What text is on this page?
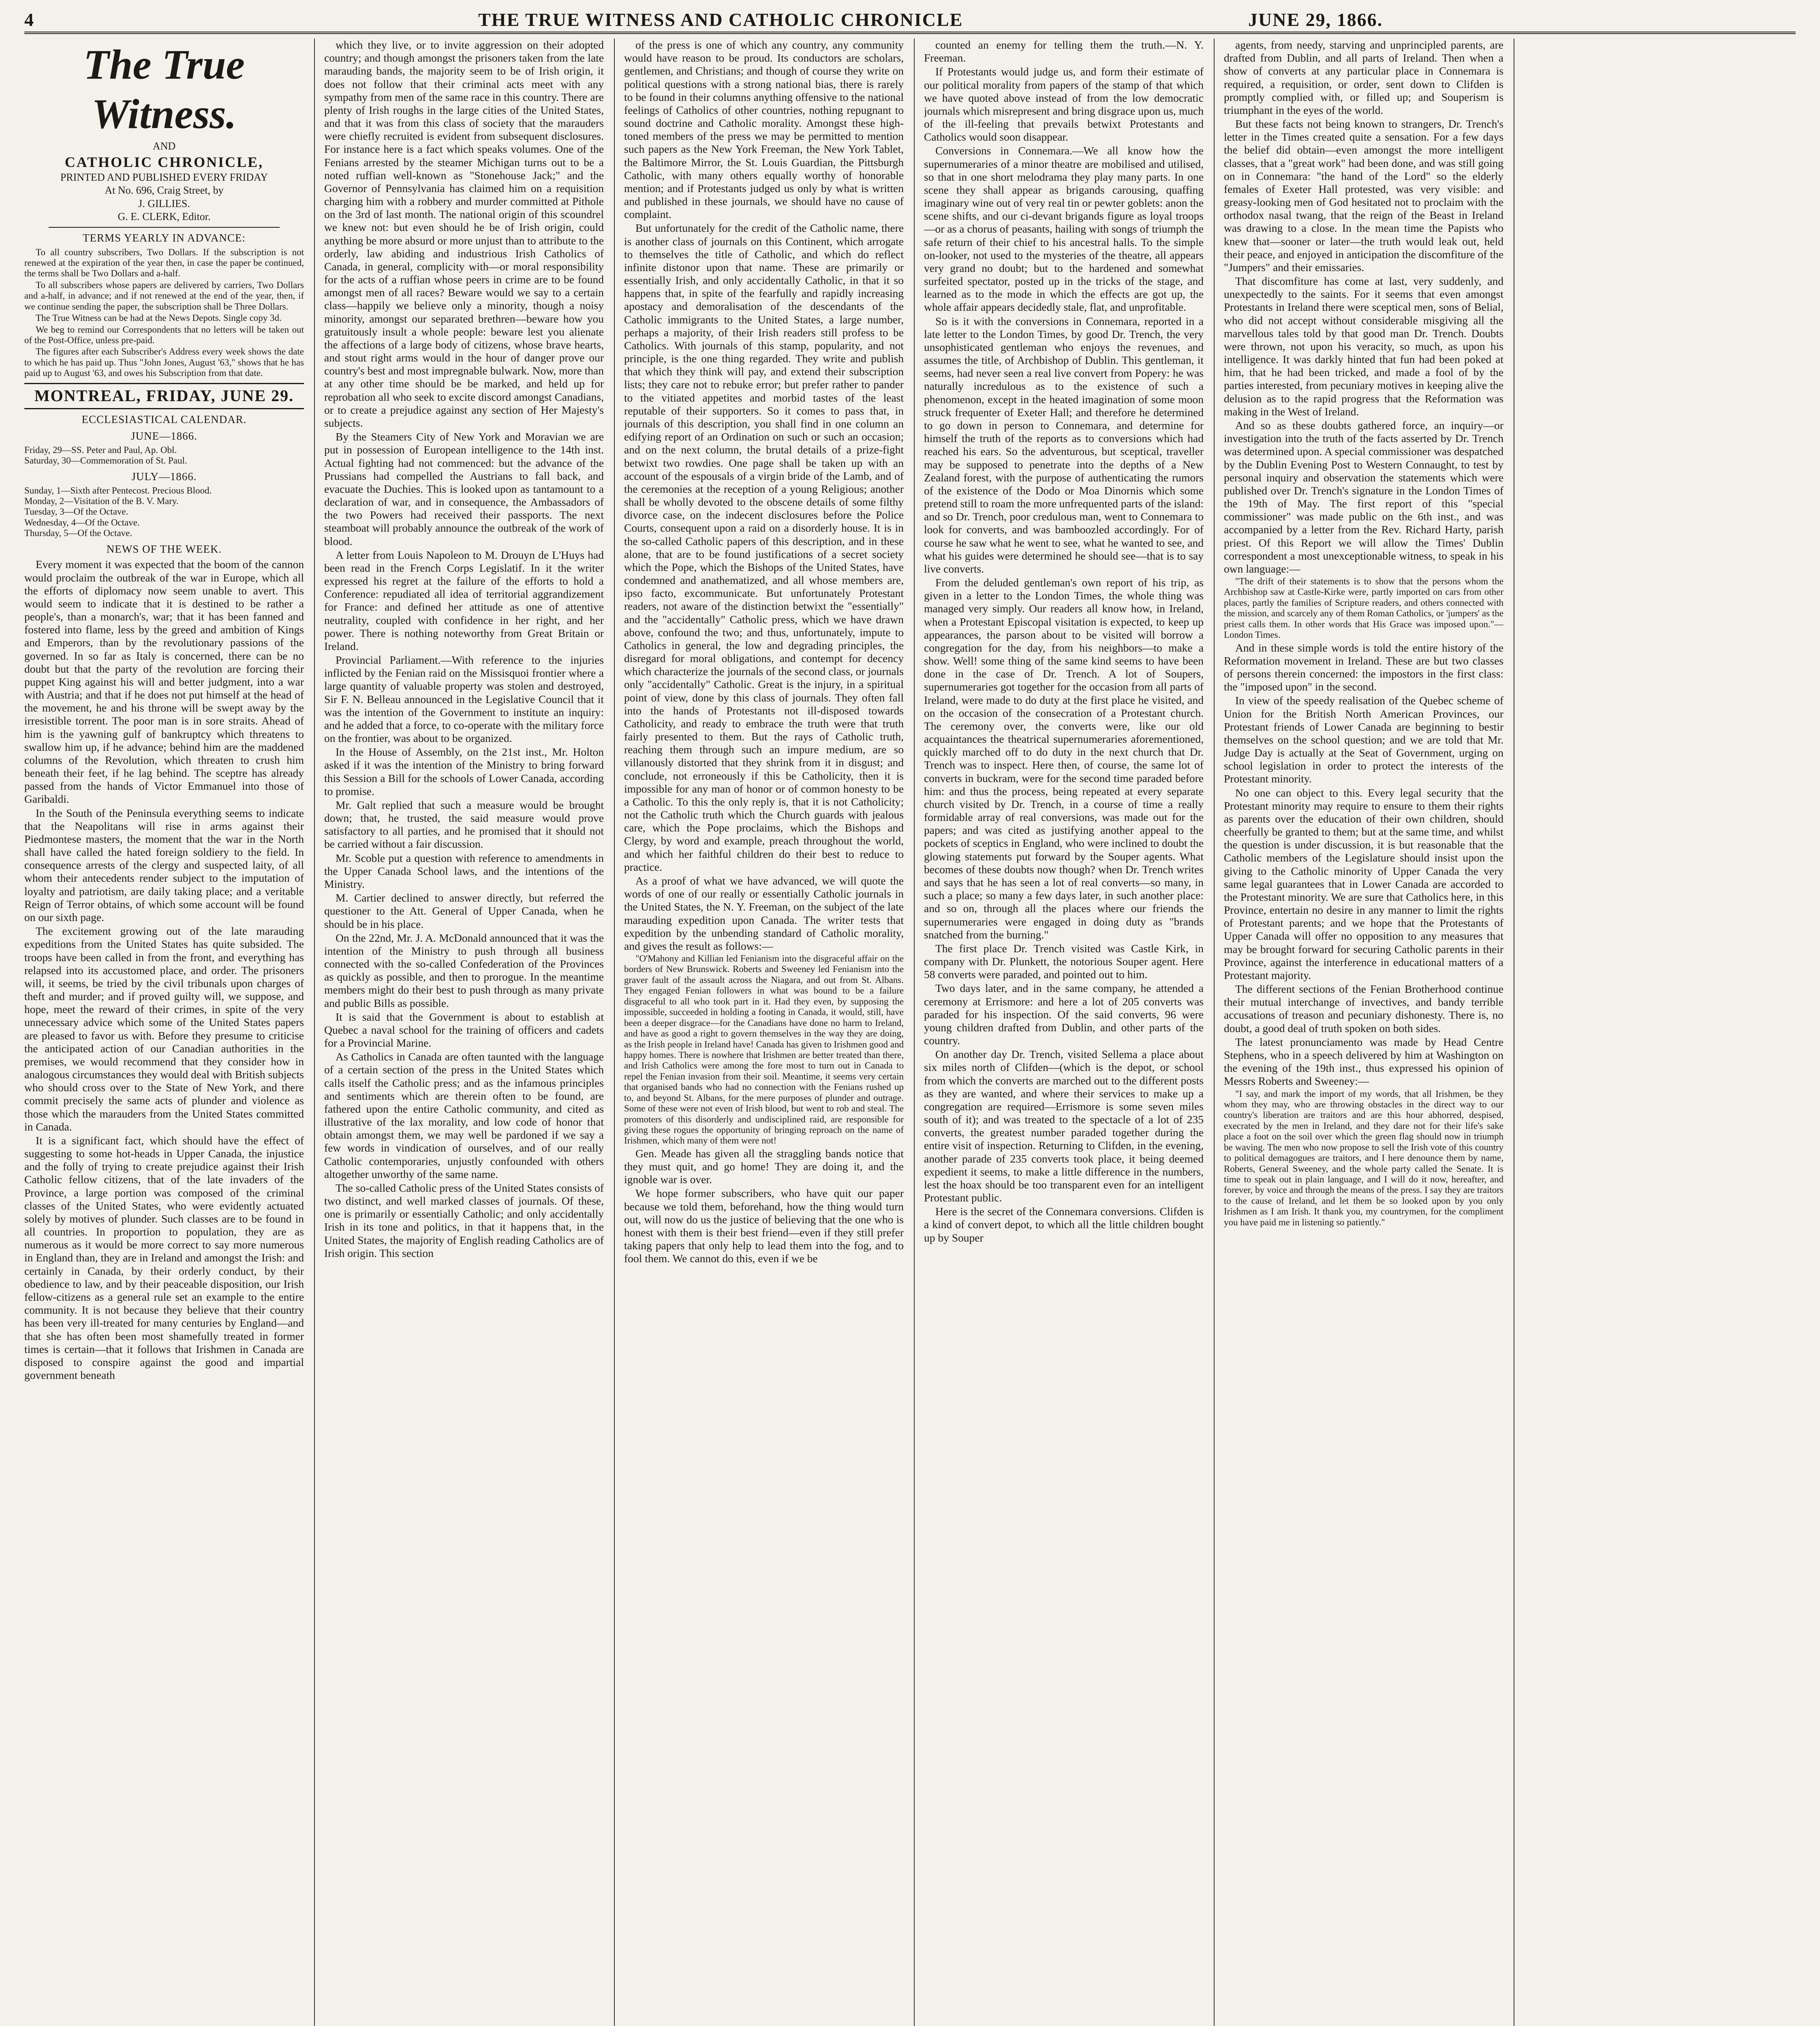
4	THE TRUE WITNESS AND CATHOLIC CHRONICLE	JUNE 29, 1866.
The True Witness.
AND
CATHOLIC CHRONICLE,
PRINTED AND PUBLISHED EVERY FRIDAY
At No. 696, Craig Street, by
J. GILLIES.
G. E. CLERK, Editor.

TERMS YEARLY IN ADVANCE:

To all country subscribers, Two Dollars. If the subscription is not renewed at the expiration of the year then, in case the paper be continued, the terms shall be Two Dollars and a-half.

To all subscribers whose papers are delivered by carriers, Two Dollars and a-half, in advance; and if not renewed at the end of the year, then, if we continue sending the paper, the subscription shall be Three Dollars.

The True Witness can be had at the News Depots. Single copy 3d.

We beg to remind our Correspondents that no letters will be taken out of the Post-Office, unless pre-paid.

The figures after each Subscriber's Address every week shows the date to which he has paid up. Thus "John Jones, August '63," shows that he has paid up to August '63, and owes his Subscription from that date.

MONTREAL, FRIDAY, JUNE 29.

ECCLESIASTICAL CALENDAR.

JUNE—1866.

Friday, 29—SS. Peter and Paul, Ap. Obl.

Saturday, 30—Commemoration of St. Paul.

JULY—1866.

Sunday, 1—Sixth after Pentecost. Precious Blood.

Monday, 2—Visitation of the B. V. Mary.

Tuesday, 3—Of the Octave.

Wednesday, 4—Of the Octave.

Thursday, 5—Of the Octave.

NEWS OF THE WEEK.

Every moment it was expected that the boom of the cannon would proclaim the outbreak of the war in Europe, which all the efforts of diplomacy now seem unable to avert. This would seem to indicate that it is destined to be rather a people's, than a monarch's, war; that it has been fanned and fostered into flame, less by the greed and ambition of Kings and Emperors, than by the revolutionary passions of the governed. In so far as Italy is concerned, there can be no doubt but that the party of the revolution are forcing their puppet King against his will and better judgment, into a war with Austria; and that if he does not put himself at the head of the movement, he and his throne will be swept away by the irresistible torrent. The poor man is in sore straits. Ahead of him is the yawning gulf of bankruptcy which threatens to swallow him up, if he advance; behind him are the maddened columns of the Revolution, which threaten to crush him beneath their feet, if he lag behind. The sceptre has already passed from the hands of Victor Emmanuel into those of Garibaldi.

In the South of the Peninsula everything seems to indicate that the Neapolitans will rise in arms against their Piedmontese masters, the moment that the war in the North shall have called the hated foreign soldiery to the field. In consequence arrests of the clergy and suspected laity, of all whom their antecedents render subject to the imputation of loyalty and patriotism, are daily taking place; and a veritable Reign of Terror obtains, of which some account will be found on our sixth page.

The excitement growing out of the late marauding expeditions from the United States has quite subsided. The troops have been called in from the front, and everything has relapsed into its accustomed place, and order. The prisoners will, it seems, be tried by the civil tribunals upon charges of theft and murder; and if proved guilty will, we suppose, and hope, meet the reward of their crimes, in spite of the very unnecessary advice which some of the United States papers are pleased to favor us with. Before they presume to criticise the anticipated action of our Canadian authorities in the premises, we would recommend that they consider how in analogous circumstances they would deal with British subjects who should cross over to the State of New York, and there commit precisely the same acts of plunder and violence as those which the marauders from the United States committed in Canada.

It is a significant fact, which should have the effect of suggesting to some hot-heads in Upper Canada, the injustice and the folly of trying to create prejudice against their Irish Catholic fellow citizens, that of the late invaders of the Province, a large portion was composed of the criminal classes of the United States, who were evidently actuated solely by motives of plunder. Such classes are to be found in all countries. In proportion to population, they are as numerous as it would be more correct to say more numerous in England than, they are in Ireland and amongst the Irish: and certainly in Canada, by their orderly conduct, by their obedience to law, and by their peaceable disposition, our Irish fellow-citizens as a general rule set an example to the entire community. It is not because they believe that their country has been very ill-treated for many centuries by England—and that she has often been most shamefully treated in former times is certain—that it follows that Irishmen in Canada are disposed to conspire against the good and impartial government beneath

which they live, or to invite aggression on their adopted country; and though amongst the prisoners taken from the late marauding bands, the majority seem to be of Irish origin, it does not follow that their criminal acts meet with any sympathy from men of the same race in this country. There are plenty of Irish roughs in the large cities of the United States, and that it was from this class of society that the marauders were chiefly recruited is evident from subsequent disclosures. For instance here is a fact which speaks volumes. One of the Fenians arrested by the steamer Michigan turns out to be a noted ruffian well-known as "Stonehouse Jack;" and the Governor of Pennsylvania has claimed him on a requisition charging him with a robbery and murder committed at Pithole on the 3rd of last month. The national origin of this scoundrel we knew not: but even should he be of Irish origin, could anything be more absurd or more unjust than to attribute to the orderly, law abiding and industrious Irish Catholics of Canada, in general, complicity with—or moral responsibility for the acts of a ruffian whose peers in crime are to be found amongst men of all races? Beware would we say to a certain class—happily we believe only a minority, though a noisy minority, amongst our separated brethren—beware how you gratuitously insult a whole people: beware lest you alienate the affections of a large body of citizens, whose brave hearts, and stout right arms would in the hour of danger prove our country's best and most impregnable bulwark. Now, more than at any other time should be be marked, and held up for reprobation all who seek to excite discord amongst Canadians, or to create a prejudice against any section of Her Majesty's subjects.

By the Steamers City of New York and Moravian we are put in possession of European intelligence to the 14th inst. Actual fighting had not commenced: but the advance of the Prussians had compelled the Austrians to fall back, and evacuate the Duchies. This is looked upon as tantamount to a declaration of war, and in consequence, the Ambassadors of the two Powers had received their passports. The next steamboat will probably announce the outbreak of the work of blood.

A letter from Louis Napoleon to M. Drouyn de L'Huys had been read in the French Corps Legislatif. In it the writer expressed his regret at the failure of the efforts to hold a Conference: repudiated all idea of territorial aggrandizement for France: and defined her attitude as one of attentive neutrality, coupled with confidence in her right, and her power. There is nothing noteworthy from Great Britain or Ireland.

Provincial Parliament.—With reference to the injuries inflicted by the Fenian raid on the Missisquoi frontier where a large quantity of valuable property was stolen and destroyed, Sir F. N. Belleau announced in the Legislative Council that it was the intention of the Government to institute an inquiry: and he added that a force, to co-operate with the military force on the frontier, was about to be organized.

In the House of Assembly, on the 21st inst., Mr. Holton asked if it was the intention of the Ministry to bring forward this Session a Bill for the schools of Lower Canada, according to promise.

Mr. Galt replied that such a measure would be brought down; that, he trusted, the said measure would prove satisfactory to all parties, and he promised that it should not be carried without a fair discussion.

Mr. Scoble put a question with reference to amendments in the Upper Canada School laws, and the intentions of the Ministry.

M. Cartier declined to answer directly, but referred the questioner to the Att. General of Upper Canada, when he should be in his place.

On the 22nd, Mr. J. A. McDonald announced that it was the intention of the Ministry to push through all business connected with the so-called Confederation of the Provinces as quickly as possible, and then to prorogue. In the meantime members might do their best to push through as many private and public Bills as possible.

It is said that the Government is about to establish at Quebec a naval school for the training of officers and cadets for a Provincial Marine.

As Catholics in Canada are often taunted with the language of a certain section of the press in the United States which calls itself the Catholic press; and as the infamous principles and sentiments which are therein often to be found, are fathered upon the entire Catholic community, and cited as illustrative of the lax morality, and low code of honor that obtain amongst them, we may well be pardoned if we say a few words in vindication of ourselves, and of our really Catholic contemporaries, unjustly confounded with others altogether unworthy of the same name.

The so-called Catholic press of the United States consists of two distinct, and well marked classes of journals. Of these, one is primarily or essentially Catholic; and only accidentally Irish in its tone and politics, in that it happens that, in the United States, the majority of English reading Catholics are of Irish origin. This section

of the press is one of which any country, any community would have reason to be proud. Its conductors are scholars, gentlemen, and Christians; and though of course they write on political questions with a strong national bias, there is rarely to be found in their columns anything offensive to the national feelings of Catholics of other countries, nothing repugnant to sound doctrine and Catholic morality. Amongst these high-toned members of the press we may be permitted to mention such papers as the New York Freeman, the New York Tablet, the Baltimore Mirror, the St. Louis Guardian, the Pittsburgh Catholic, with many others equally worthy of honorable mention; and if Protestants judged us only by what is written and published in these journals, we should have no cause of complaint.

But unfortunately for the credit of the Catholic name, there is another class of journals on this Continent, which arrogate to themselves the title of Catholic, and which do reflect infinite distonor upon that name. These are primarily or essentially Irish, and only accidentally Catholic, in that it so happens that, in spite of the fearfully and rapidly increasing apostacy and demoralisation of the descendants of the Catholic immigrants to the United States, a large number, perhaps a majority, of their Irish readers still profess to be Catholics. With journals of this stamp, popularity, and not principle, is the one thing regarded. They write and publish that which they think will pay, and extend their subscription lists; they care not to rebuke error; but prefer rather to pander to the vitiated appetites and morbid tastes of the least reputable of their supporters. So it comes to pass that, in journals of this description, you shall find in one column an edifying report of an Ordination on such or such an occasion; and on the next column, the brutal details of a prize-fight betwixt two rowdies. One page shall be taken up with an account of the espousals of a virgin bride of the Lamb, and of the ceremonies at the reception of a young Religious; another shall be wholly devoted to the obscene details of some filthy divorce case, on the indecent disclosures before the Police Courts, consequent upon a raid on a disorderly house. It is in the so-called Catholic papers of this description, and in these alone, that are to be found justifications of a secret society which the Pope, which the Bishops of the United States, have condemned and anathematized, and all whose members are, ipso facto, excommunicate. But unfortunately Protestant readers, not aware of the distinction betwixt the "essentially" and the "accidentally" Catholic press, which we have drawn above, confound the two; and thus, unfortunately, impute to Catholics in general, the low and degrading principles, the disregard for moral obligations, and contempt for decency which characterize the journals of the second class, or journals only "accidentally" Catholic. Great is the injury, in a spiritual point of view, done by this class of journals. They often fall into the hands of Protestants not ill-disposed towards Catholicity, and ready to embrace the truth were that truth fairly presented to them. But the rays of Catholic truth, reaching them through such an impure medium, are so villanously distorted that they shrink from it in disgust; and conclude, not erroneously if this be Catholicity, then it is impossible for any man of honor or of common honesty to be a Catholic. To this the only reply is, that it is not Catholicity; not the Catholic truth which the Church guards with jealous care, which the Pope proclaims, which the Bishops and Clergy, by word and example, preach throughout the world, and which her faithful children do their best to reduce to practice.

As a proof of what we have advanced, we will quote the words of one of our really or essentially Catholic journals in the United States, the N. Y. Freeman, on the subject of the late marauding expedition upon Canada. The writer tests that expedition by the unbending standard of Catholic morality, and gives the result as follows:—

"O'Mahony and Killian led Fenianism into the disgraceful affair on the borders of New Brunswick. Roberts and Sweeney led Fenianism into the graver fault of the assault across the Niagara, and out from St. Albans. They engaged Fenian followers in what was bound to be a failure disgraceful to all who took part in it. Had they even, by supposing the impossible, succeeded in holding a footing in Canada, it would, still, have been a deeper disgrace—for the Canadians have done no harm to Ireland, and have as good a right to govern themselves in the way they are doing, as the Irish people in Ireland have! Canada has given to Irishmen good and happy homes. There is nowhere that Irishmen are better treated than there, and Irish Catholics were among the fore most to turn out in Canada to repel the Fenian invasion from their soil. Meantime, it seems very certain that organised bands who had no connection with the Fenians rushed up to, and beyond St. Albans, for the mere purposes of plunder and outrage. Some of these were not even of Irish blood, but went to rob and steal. The promoters of this disorderly and undisciplined raid, are responsible for giving these rogues the opportunity of bringing reproach on the name of Irishmen, which many of them were not!

Gen. Meade has given all the straggling bands notice that they must quit, and go home! They are doing it, and the ignoble war is over.

We hope former subscribers, who have quit our paper because we told them, beforehand, how the thing would turn out, will now do us the justice of believing that the one who is honest with them is their best friend—even if they still prefer taking papers that only help to lead them into the fog, and to fool them. We cannot do this, even if we be

counted an enemy for telling them the truth.—N. Y. Freeman.

If Protestants would judge us, and form their estimate of our political morality from papers of the stamp of that which we have quoted above instead of from the low democratic journals which misrepresent and bring disgrace upon us, much of the ill-feeling that prevails betwixt Protestants and Catholics would soon disappear.

Conversions in Connemara.—We all know how the supernumeraries of a minor theatre are mobilised and utilised, so that in one short melodrama they play many parts. In one scene they shall appear as brigands carousing, quaffing imaginary wine out of very real tin or pewter goblets: anon the scene shifts, and our ci-devant brigands figure as loyal troops—or as a chorus of peasants, hailing with songs of triumph the safe return of their chief to his ancestral halls. To the simple on-looker, not used to the mysteries of the theatre, all appears very grand no doubt; but to the hardened and somewhat surfeited spectator, posted up in the tricks of the stage, and learned as to the mode in which the effects are got up, the whole affair appears decidedly stale, flat, and unprofitable.

So is it with the conversions in Connemara, reported in a late letter to the London Times, by good Dr. Trench, the very unsophisticated gentleman who enjoys the revenues, and assumes the title, of Archbishop of Dublin. This gentleman, it seems, had never seen a real live convert from Popery: he was naturally incredulous as to the existence of such a phenomenon, except in the heated imagination of some moon struck frequenter of Exeter Hall; and therefore he determined to go down in person to Connemara, and determine for himself the truth of the reports as to conversions which had reached his ears. So the adventurous, but sceptical, traveller may be supposed to penetrate into the depths of a New Zealand forest, with the purpose of authenticating the rumors of the existence of the Dodo or Moa Dinornis which some pretend still to roam the more unfrequented parts of the island: and so Dr. Trench, poor credulous man, went to Connemara to look for converts, and was bamboozled accordingly. For of course he saw what he went to see, what he wanted to see, and what his guides were determined he should see—that is to say live converts.

From the deluded gentleman's own report of his trip, as given in a letter to the London Times, the whole thing was managed very simply. Our readers all know how, in Ireland, when a Protestant Episcopal visitation is expected, to keep up appearances, the parson about to be visited will borrow a congregation for the day, from his neighbors—to make a show. Well! some thing of the same kind seems to have been done in the case of Dr. Trench. A lot of Soupers, supernumeraries got together for the occasion from all parts of Ireland, were made to do duty at the first place he visited, and on the occasion of the consecration of a Protestant church. The ceremony over, the converts were, like our old acquaintances the theatrical supernumeraries aforementioned, quickly marched off to do duty in the next church that Dr. Trench was to inspect. Here then, of course, the same lot of converts in buckram, were for the second time paraded before him: and thus the process, being repeated at every separate church visited by Dr. Trench, in a course of time a really formidable array of real conversions, was made out for the papers; and was cited as justifying another appeal to the pockets of sceptics in England, who were inclined to doubt the glowing statements put forward by the Souper agents. What becomes of these doubts now though? when Dr. Trench writes and says that he has seen a lot of real converts—so many, in such a place; so many a few days later, in such another place: and so on, through all the places where our friends the supernumeraries were engaged in doing duty as "brands snatched from the burning."

The first place Dr. Trench visited was Castle Kirk, in company with Dr. Plunkett, the notorious Souper agent. Here 58 converts were paraded, and pointed out to him.

Two days later, and in the same company, he attended a ceremony at Errismore: and here a lot of 205 converts was paraded for his inspection. Of the said converts, 96 were young children drafted from Dublin, and other parts of the country.

On another day Dr. Trench, visited Sellema a place about six miles north of Clifden—(which is the depot, or school from which the converts are marched out to the different posts as they are wanted, and where their services to make up a congregation are required—Errismore is some seven miles south of it); and was treated to the spectacle of a lot of 235 converts, the greatest number paraded together during the entire visit of inspection. Returning to Clifden, in the evening, another parade of 235 converts took place, it being deemed expedient it seems, to make a little difference in the numbers, lest the hoax should be too transparent even for an intelligent Protestant public.

Here is the secret of the Connemara conversions. Clifden is a kind of convert depot, to which all the little children bought up by Souper

agents, from needy, starving and unprincipled parents, are drafted from Dublin, and all parts of Ireland. Then when a show of converts at any particular place in Connemara is required, a requisition, or order, sent down to Clifden is promptly complied with, or filled up; and Souperism is triumphant in the eyes of the world.

But these facts not being known to strangers, Dr. Trench's letter in the Times created quite a sensation. For a few days the belief did obtain—even amongst the more intelligent classes, that a "great work" had been done, and was still going on in Connemara: "the hand of the Lord" so the elderly females of Exeter Hall protested, was very visible: and greasy-looking men of God hesitated not to proclaim with the orthodox nasal twang, that the reign of the Beast in Ireland was drawing to a close. In the mean time the Papists who knew that—sooner or later—the truth would leak out, held their peace, and enjoyed in anticipation the discomfiture of the "Jumpers" and their emissaries.

That discomfiture has come at last, very suddenly, and unexpectedly to the saints. For it seems that even amongst Protestants in Ireland there were sceptical men, sons of Belial, who did not accept without considerable misgiving all the marvellous tales told by that good man Dr. Trench. Doubts were thrown, not upon his veracity, so much, as upon his intelligence. It was darkly hinted that fun had been poked at him, that he had been tricked, and made a fool of by the parties interested, from pecuniary motives in keeping alive the delusion as to the rapid progress that the Reformation was making in the West of Ireland.

And so as these doubts gathered force, an inquiry—or investigation into the truth of the facts asserted by Dr. Trench was determined upon. A special commissioner was despatched by the Dublin Evening Post to Western Connaught, to test by personal inquiry and observation the statements which were published over Dr. Trench's signature in the London Times of the 19th of May. The first report of this "special commissioner" was made public on the 6th inst., and was accompanied by a letter from the Rev. Richard Harty, parish priest. Of this Report we will allow the Times' Dublin correspondent a most unexceptionable witness, to speak in his own language:—

"The drift of their statements is to show that the persons whom the Archbishop saw at Castle-Kirke were, partly imported on cars from other places, partly the families of Scripture readers, and others connected with the mission, and scarcely any of them Roman Catholics, or 'jumpers' as the priest calls them. In other words that His Grace was imposed upon."—London Times.

And in these simple words is told the entire history of the Reformation movement in Ireland. These are but two classes of persons therein concerned: the impostors in the first class: the "imposed upon" in the second.

In view of the speedy realisation of the Quebec scheme of Union for the British North American Provinces, our Protestant friends of Lower Canada are beginning to bestir themselves on the school question; and we are told that Mr. Judge Day is actually at the Seat of Government, urging on school legislation in order to protect the interests of the Protestant minority.

No one can object to this. Every legal security that the Protestant minority may require to ensure to them their rights as parents over the education of their own children, should cheerfully be granted to them; but at the same time, and whilst the question is under discussion, it is but reasonable that the Catholic members of the Legislature should insist upon the giving to the Catholic minority of Upper Canada the very same legal guarantees that in Lower Canada are accorded to the Protestant minority. We are sure that Catholics here, in this Province, entertain no desire in any manner to limit the rights of Protestant parents; and we hope that the Protestants of Upper Canada will offer no opposition to any measures that may be brought forward for securing Catholic parents in their Province, against the interference in educational matters of a Protestant majority.

The different sections of the Fenian Brotherhood continue their mutual interchange of invectives, and bandy terrible accusations of treason and pecuniary dishonesty. There is, no doubt, a good deal of truth spoken on both sides.

The latest pronunciamento was made by Head Centre Stephens, who in a speech delivered by him at Washington on the evening of the 19th inst., thus expressed his opinion of Messrs Roberts and Sweeney:—

"I say, and mark the import of my words, that all Irishmen, be they whom they may, who are throwing obstacles in the direct way to our country's liberation are traitors and are this hour abhorred, despised, execrated by the men in Ireland, and they dare not for their life's sake place a foot on the soil over which the green flag should now in triumph be waving. The men who now propose to sell the Irish vote of this country to political demagogues are traitors, and I here denounce them by name, Roberts, General Sweeney, and the whole party called the Senate. It is time to speak out in plain language, and I will do it now, hereafter, and forever, by voice and through the means of the press. I say they are traitors to the cause of Ireland, and let them be so looked upon by you only Irishmen as I am Irish. It thank you, my countrymen, for the compliment you have paid me in listening so patiently."
